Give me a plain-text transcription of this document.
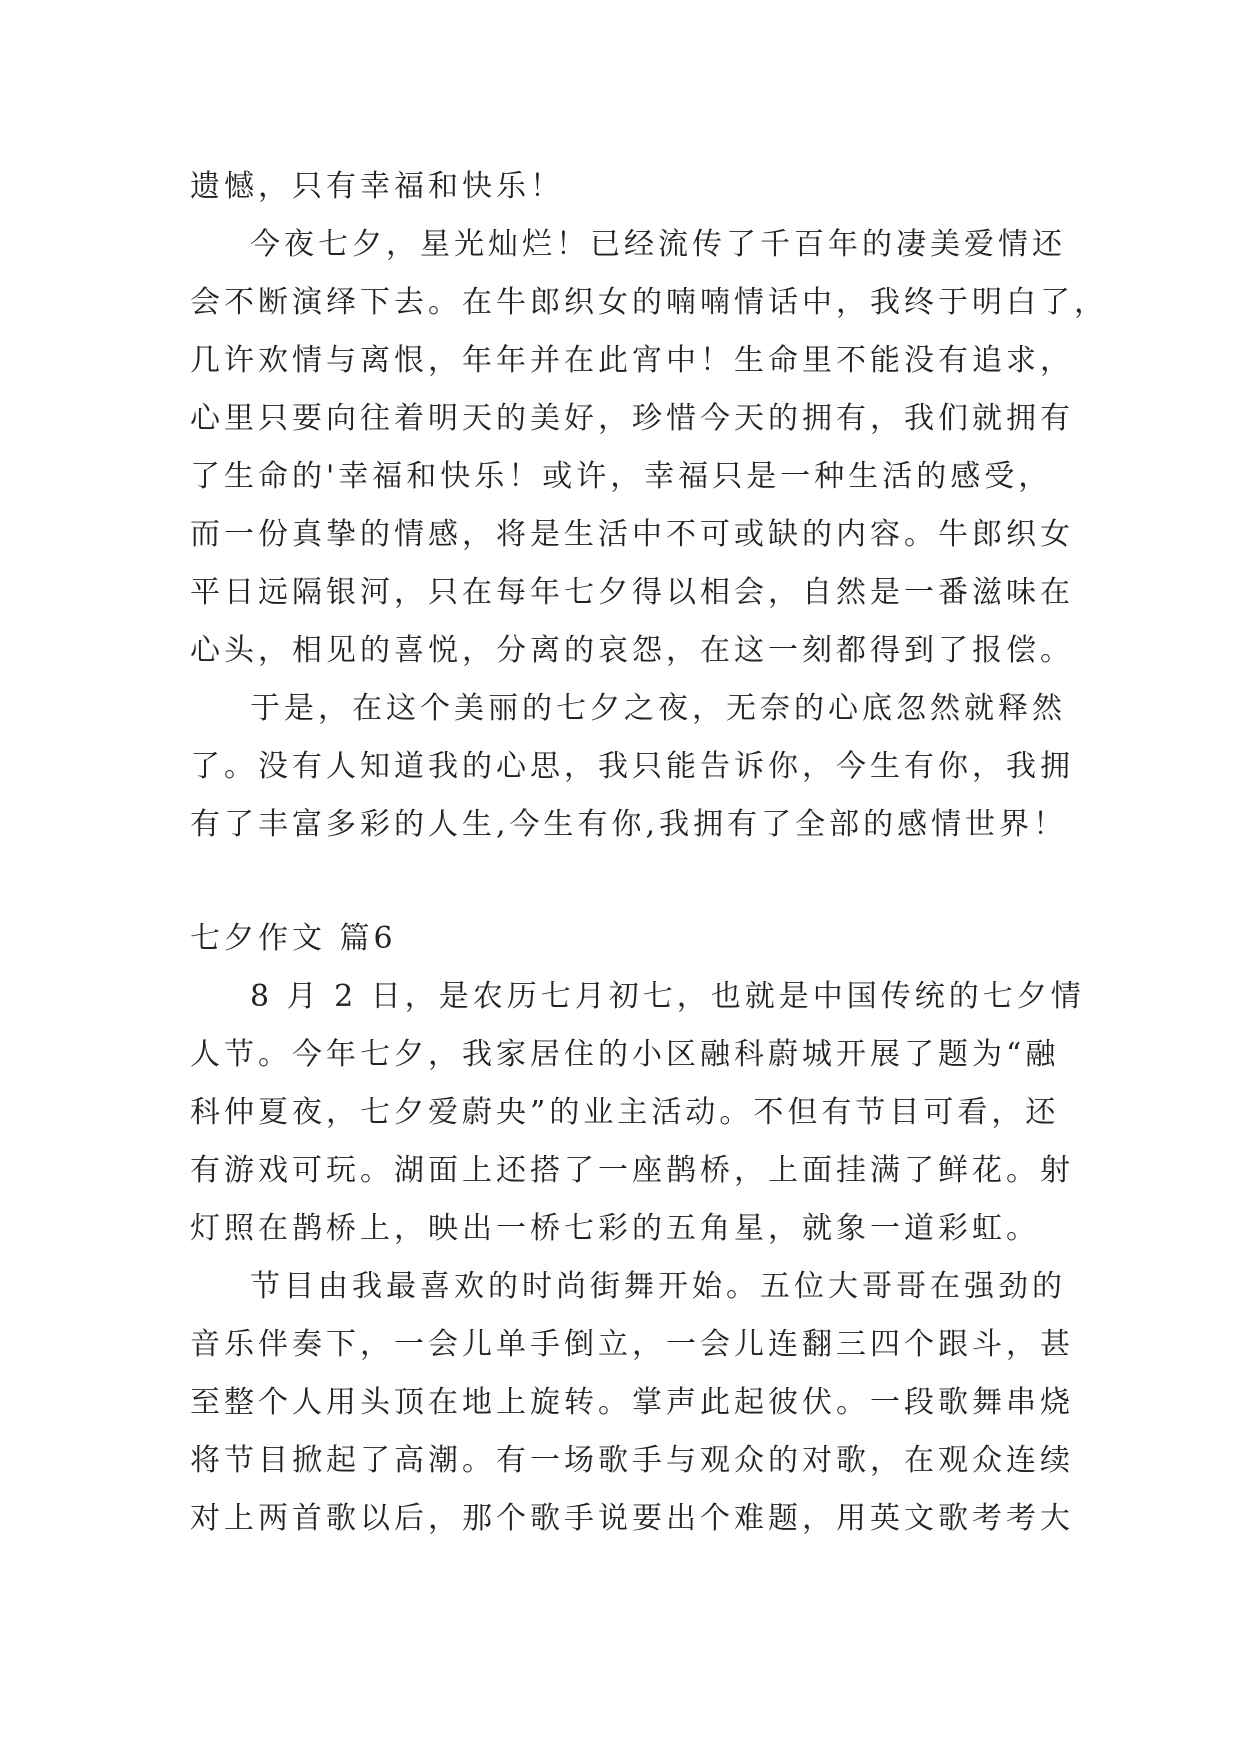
遗憾，只有幸福和快乐！
今夜七夕，星光灿烂！已经流传了千百年的凄美爱情还
会不断演绎下去。在牛郎织女的喃喃情话中，我终于明白了，
几许欢情与离恨，年年并在此宵中！生命里不能没有追求，
心里只要向往着明天的美好，珍惜今天的拥有，我们就拥有
了生命的'幸福和快乐！或许，幸福只是一种生活的感受，
而一份真挚的情感，将是生活中不可或缺的内容。牛郎织女
平日远隔银河，只在每年七夕得以相会，自然是一番滋味在
心头，相见的喜悦，分离的哀怨，在这一刻都得到了报偿。
于是，在这个美丽的七夕之夜，无奈的心底忽然就释然
了。没有人知道我的心思，我只能告诉你，今生有你，我拥
有了丰富多彩的人生,今生有你,我拥有了全部的感情世界！
七夕作文 篇6
8 月 2 日，是农历七月初七，也就是中国传统的七夕情
人节。今年七夕，我家居住的小区融科蔚城开展了题为“融
科仲夏夜，七夕爱蔚央”的业主活动。不但有节目可看，还
有游戏可玩。湖面上还搭了一座鹊桥，上面挂满了鲜花。射
灯照在鹊桥上，映出一桥七彩的五角星，就象一道彩虹。
节目由我最喜欢的时尚街舞开始。五位大哥哥在强劲的
音乐伴奏下，一会儿单手倒立，一会儿连翻三四个跟斗，甚
至整个人用头顶在地上旋转。掌声此起彼伏。一段歌舞串烧
将节目掀起了高潮。有一场歌手与观众的对歌，在观众连续
对上两首歌以后，那个歌手说要出个难题，用英文歌考考大
